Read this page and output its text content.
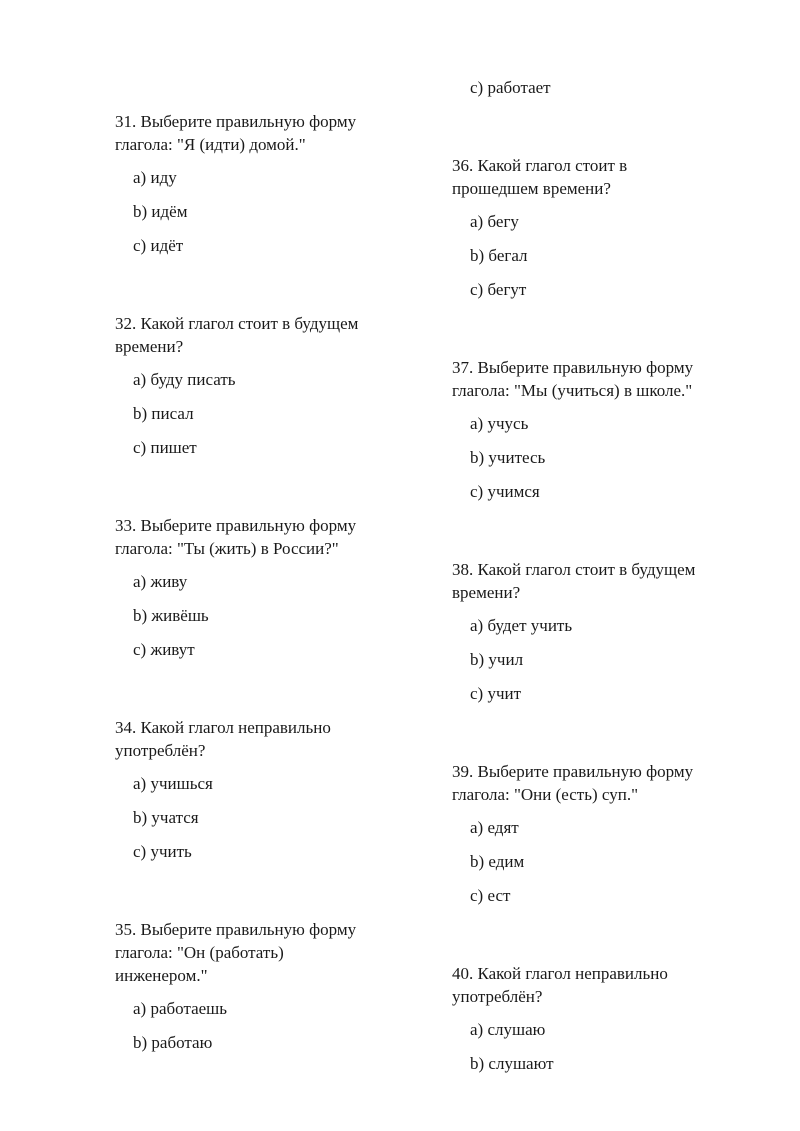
31. Выберите правильную форму
глагола: "Я (идти) домой."
a) иду
b) идём
c) идёт
32. Какой глагол стоит в будущем
времени?
a) буду писать
b) писал
c) пишет
33. Выберите правильную форму
глагола: "Ты (жить) в России?"
a) живу
b) живёшь
c) живут
34. Какой глагол неправильно
употреблён?
a) учишься
b) учатся
c) учить
35. Выберите правильную форму
глагола: "Он (работать)
инженером."
a) работаешь
b) работаю
c) работает
36. Какой глагол стоит в
прошедшем времени?
a) бегу
b) бегал
c) бегут
37. Выберите правильную форму
глагола: "Мы (учиться) в школе."
a) учусь
b) учитесь
c) учимся
38. Какой глагол стоит в будущем
времени?
a) будет учить
b) учил
c) учит
39. Выберите правильную форму
глагола: "Они (есть) суп."
a) едят
b) едим
c) ест
40. Какой глагол неправильно
употреблён?
a) слушаю
b) слушают
